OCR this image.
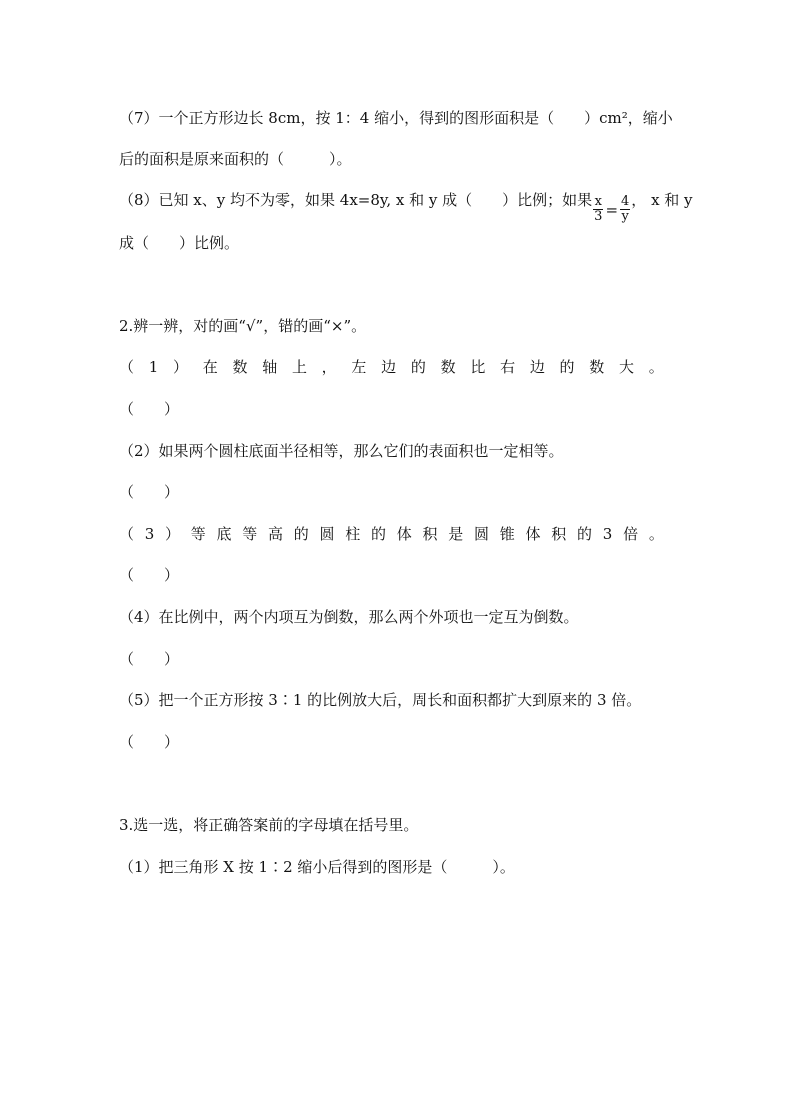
（7）一个正方形边长 8cm，按 1：4 缩小，得到的图形面积是（　　）cm²，缩小
后的面积是原来面积的（　　　）。
（8）已知 x、y 均不为零，如果 4x=8y, x 和 y 成（　　）比例；如果 $\frac{x}{3} = \frac{4}{y}$ ， x 和 y
成（　　）比例。
2.辨一辨，对的画“√”，错的画“×”。
（ 1 ） 在 数 轴 上 ， 左 边 的 数 比 右 边 的 数 大 。
（　　）
（2）如果两个圆柱底面半径相等，那么它们的表面积也一定相等。
（　　）
（ 3 ） 等 底 等 高 的 圆 柱 的 体 积 是 圆 锥 体 积 的 3 倍 。
（　　）
（4）在比例中，两个内项互为倒数，那么两个外项也一定互为倒数。
（　　）
（5）把一个正方形按 3∶1 的比例放大后，周长和面积都扩大到原来的 3 倍。
（　　）
3.选一选，将正确答案前的字母填在括号里。
（1）把三角形 X 按 1∶2 缩小后得到的图形是（　　　）。
